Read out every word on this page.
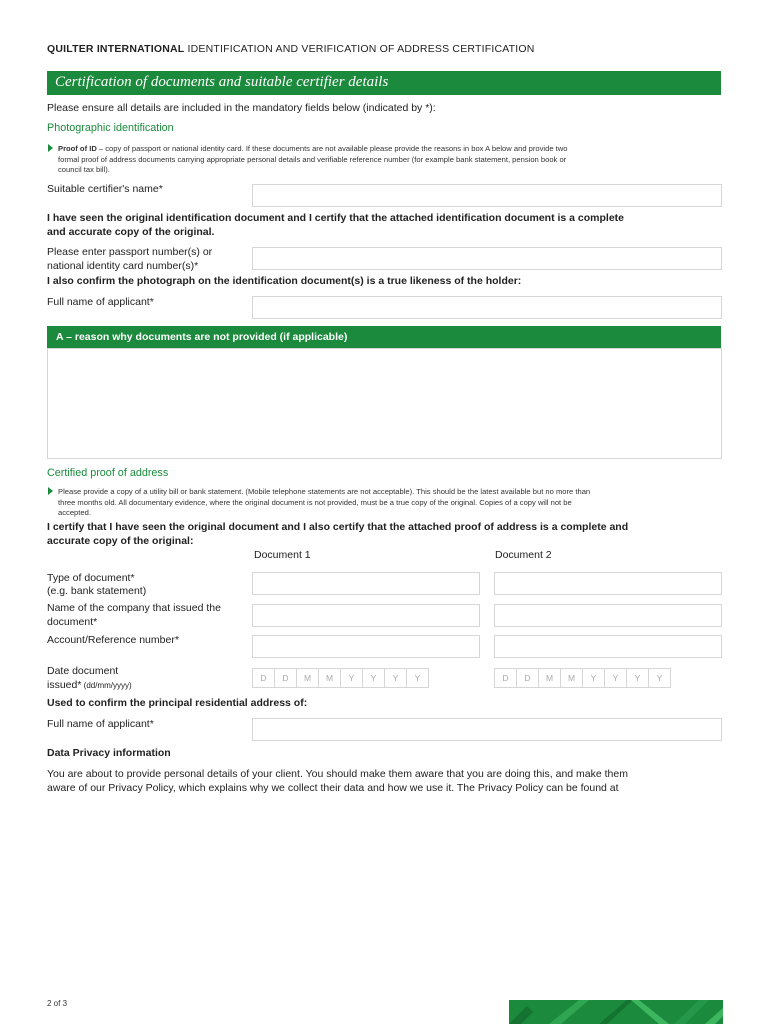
QUILTER INTERNATIONAL IDENTIFICATION AND VERIFICATION OF ADDRESS CERTIFICATION
Certification of documents and suitable certifier details
Please ensure all details are included in the mandatory fields below (indicated by *):
Photographic identification
Proof of ID – copy of passport or national identity card. If these documents are not available please provide the reasons in box A below and provide two
formal proof of address documents carrying appropriate personal details and verifiable reference number (for example bank statement, pension book or
council tax bill).
Suitable certifier's name*
I have seen the original identification document and I certify that the attached identification document is a complete
and accurate copy of the original.
Please enter passport number(s) or
national identity card number(s)*
I also confirm the photograph on the identification document(s) is a true likeness of the holder:
Full name of applicant*
A – reason why documents are not provided (if applicable)
Certified proof of address
Please provide a copy of a utility bill or bank statement. (Mobile telephone statements are not acceptable). This should be the latest available but no more than
three months old. All documentary evidence, where the original document is not provided, must be a true copy of the original. Copies of a copy will not be
accepted.
I certify that I have seen the original document and I also certify that the attached proof of address is a complete and
accurate copy of the original:
Document 1	Document 2
Type of document*
(e.g. bank statement)
Name of the company that issued the
document*
Account/Reference number*
Date document
issued* (dd/mm/yyyy)
D	D	M	M	Y	Y	Y	Y	D	D	M	M	Y	Y	Y	Y
Used to confirm the principal residential address of:
Full name of applicant*
Data Privacy information
You are about to provide personal details of your client. You should make them aware that you are doing this, and make them
aware of our Privacy Policy, which explains why we collect their data and how we use it. The Privacy Policy can be found at
2 of 3
